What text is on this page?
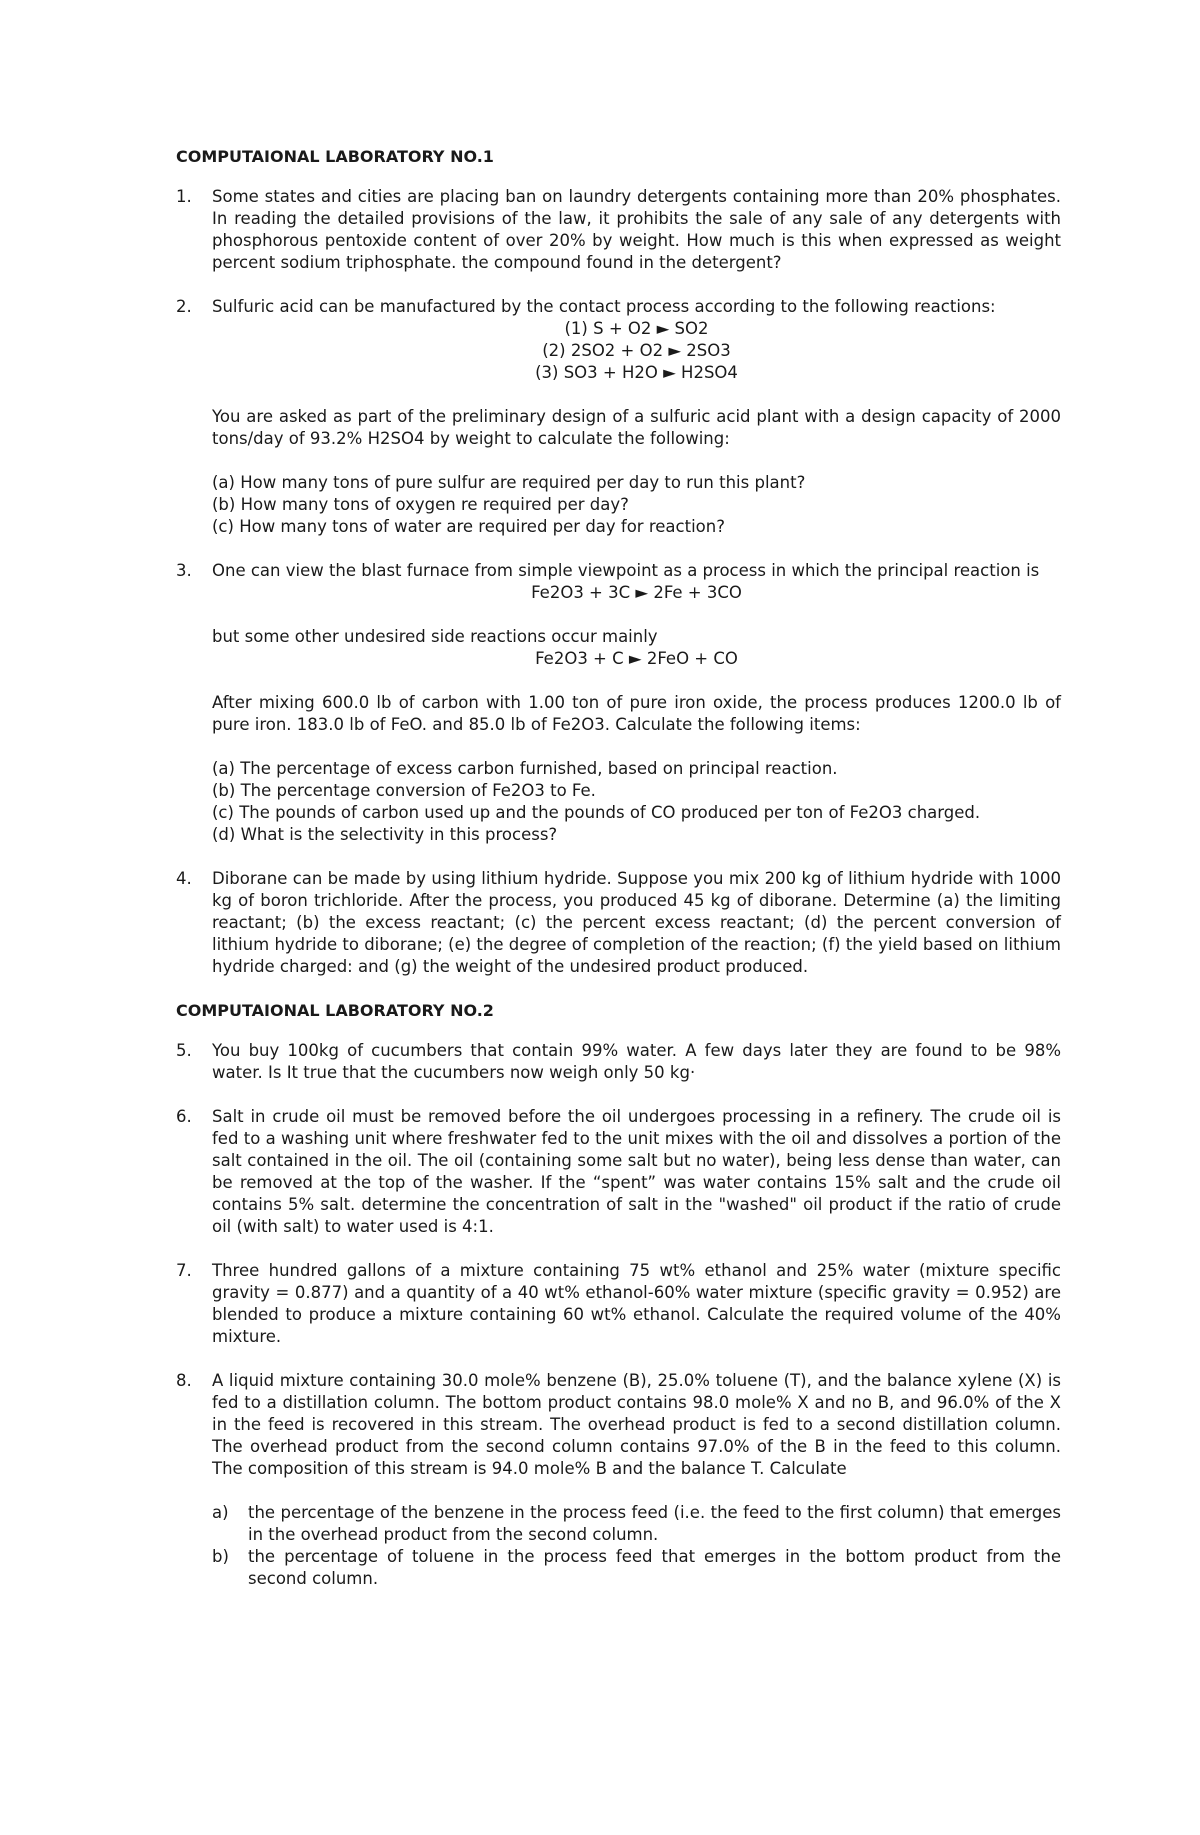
COMPUTAIONAL LABORATORY NO.1
1.	Some states and cities are placing ban on laundry detergents containing more than 20% phosphates. In reading the detailed provisions of the law, it prohibits the sale of any sale of any detergents with phosphorous pentoxide content of over 20% by weight. How much is this when expressed as weight percent sodium triphosphate. the compound found in the detergent?

2.	Sulfuric acid can be manufactured by the contact process according to the following reactions:

(1) S + O2 ► SO2

(2) 2SO2 + O2 ► 2SO3

(3) SO3 + H2O ► H2SO4

You are asked as part of the preliminary design of a sulfuric acid plant with a design capacity of 2000 tons/day of 93.2% H2SO4 by weight to calculate the following:

(a) How many tons of pure sulfur are required per day to run this plant?

(b) How many tons of oxygen re required per day?

(c) How many tons of water are required per day for reaction?

3.	One can view the blast furnace from simple viewpoint as a process in which the principal reaction is

Fe2O3 + 3C ► 2Fe + 3CO

but some other undesired side reactions occur mainly

Fe2O3 + C ► 2FeO + CO

After mixing 600.0 lb of carbon with 1.00 ton of pure iron oxide, the process produces 1200.0 lb of pure iron. 183.0 lb of FeO. and 85.0 lb of Fe2O3. Calculate the following items:

(a) The percentage of excess carbon furnished, based on principal reaction.

(b) The percentage conversion of Fe2O3 to Fe.

(c) The pounds of carbon used up and the pounds of CO produced per ton of Fe2O3 charged.

(d) What is the selectivity in this process?

4.	Diborane can be made by using lithium hydride. Suppose you mix 200 kg of lithium hydride with 1000 kg of boron trichloride. After the process, you produced 45 kg of diborane. Determine (a) the limiting reactant; (b) the excess reactant; (c) the percent excess reactant; (d) the percent conversion of lithium hydride to diborane; (e) the degree of completion of the reaction; (f) the yield based on lithium hydride charged: and (g) the weight of the undesired product produced.

COMPUTAIONAL LABORATORY NO.2
5.	You buy 100kg of cucumbers that contain 99% water. A few days later they are found to be 98% water. Is It true that the cucumbers now weigh only 50 kg·

6.	Salt in crude oil must be removed before the oil undergoes processing in a refinery. The crude oil is fed to a washing unit where freshwater fed to the unit mixes with the oil and dissolves a portion of the salt contained in the oil. The oil (containing some salt but no water), being less dense than water, can be removed at the top of the washer. If the “spent” was water contains 15% salt and the crude oil contains 5% salt. determine the concentration of salt in the "washed" oil product if the ratio of crude oil (with salt) to water used is 4:1.

7.	Three hundred gallons of a mixture containing 75 wt% ethanol and 25% water (mixture specific gravity = 0.877) and a quantity of a 40 wt% ethanol-60% water mixture (specific gravity = 0.952) are blended to produce a mixture containing 60 wt% ethanol. Calculate the required volume of the 40% mixture.

8.	A liquid mixture containing 30.0 mole% benzene (B), 25.0% toluene (T), and the balance xylene (X) is fed to a distillation column. The bottom product contains 98.0 mole% X and no B, and 96.0% of the X in the feed is recovered in this stream. The overhead product is fed to a second distillation column. The overhead product from the second column contains 97.0% of the B in the feed to this column. The composition of this stream is 94.0 mole% B and the balance T. Calculate

a)	the percentage of the benzene in the process feed (i.e. the feed to the first column) that emerges in the overhead product from the second column.
b)	the percentage of toluene in the process feed that emerges in the bottom product from the second column.
